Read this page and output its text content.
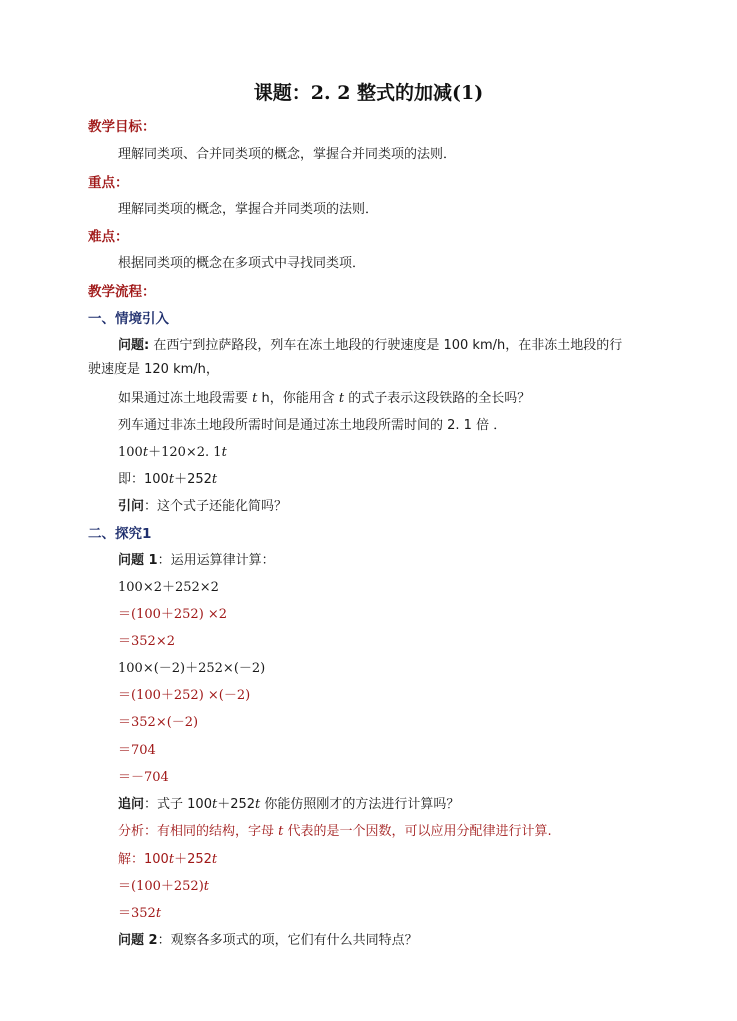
课题：2. 2 整式的加减(1)
教学目标：
理解同类项、合并同类项的概念，掌握合并同类项的法则．
重点：
理解同类项的概念，掌握合并同类项的法则．
难点：
根据同类项的概念在多项式中寻找同类项．
教学流程：
一、情境引入
问题: 在西宁到拉萨路段，列车在冻土地段的行驶速度是 100 km/h，在非冻土地段的行
驶速度是 120 km/h，
如果通过冻土地段需要 t h，你能用含 t 的式子表示这段铁路的全长吗？
列车通过非冻土地段所需时间是通过冻土地段所需时间的 2. 1 倍 ．
100t＋120×2. 1t
即：100t＋252t
引问：这个式子还能化简吗？
二、探究1
问题 1：运用运算律计算：
100×2＋252×2
＝(100＋252) ×2
＝352×2
100×(－2)＋252×(－2)
＝(100＋252) ×(－2)
＝352×(－2)
＝704
＝－704
追问：式子 100t＋252t 你能仿照刚才的方法进行计算吗？
分析：有相同的结构，字母 t 代表的是一个因数，可以应用分配律进行计算.
解：100t＋252t
＝(100＋252)t
＝352t
问题 2：观察各多项式的项，它们有什么共同特点？
